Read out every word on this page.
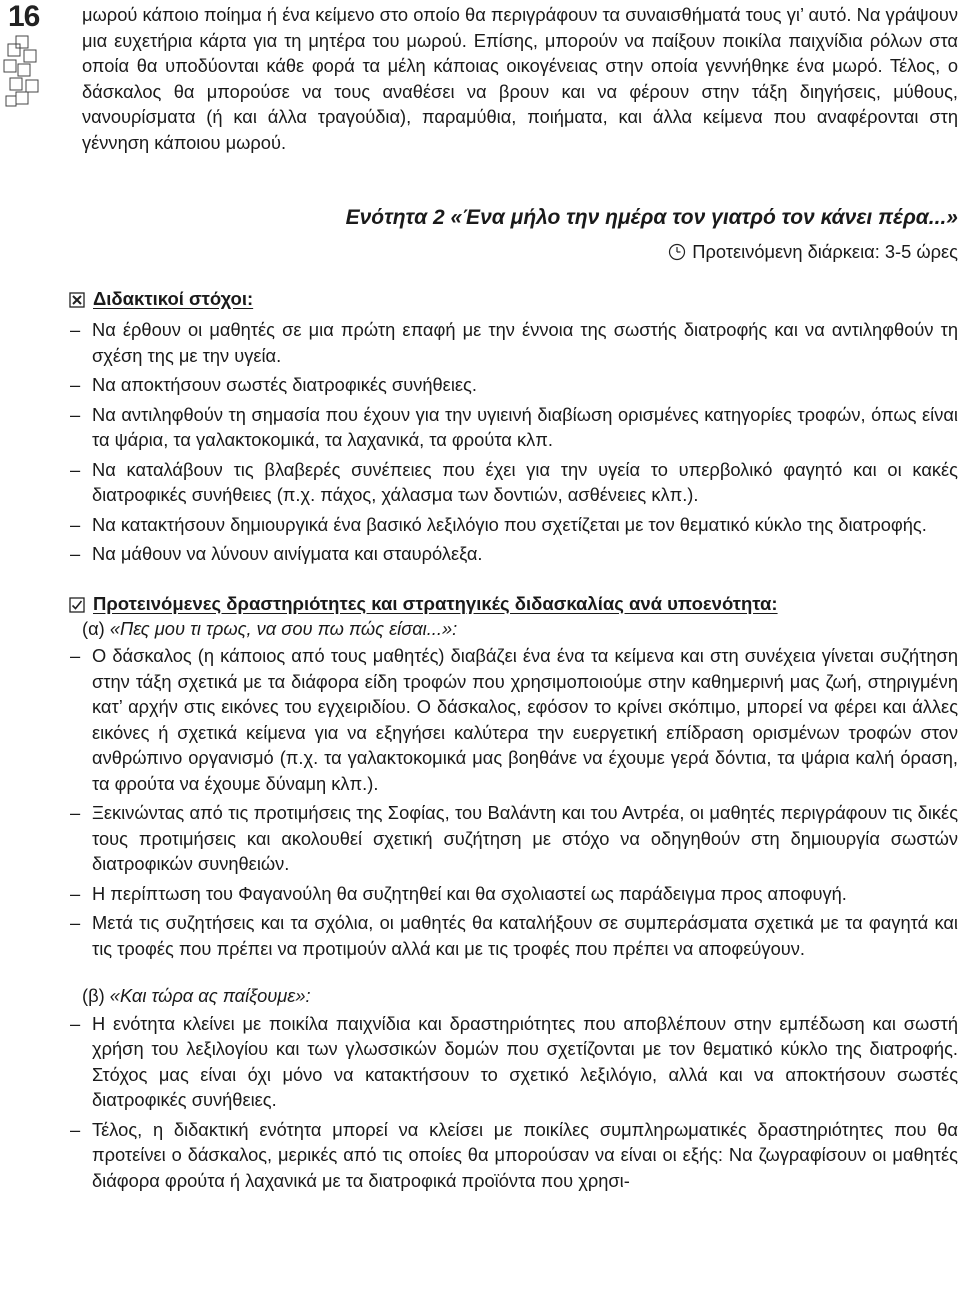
16 μωρού κάποιο ποίημα ή ένα κείμενο στο οποίο θα περιγράφουν τα συναισθήματά τους γι’ αυτό. Να γράψουν μια ευχετήρια κάρτα για τη μητέρα του μωρού. Επίσης, μπορούν να παίξουν ποικίλα παιχνίδια ρόλων στα οποία θα υποδύονται κάθε φορά τα μέλη κάποιας οικογένειας στην οποία γεννήθηκε ένα μωρό. Τέλος, ο δάσκαλος θα μπορούσε να τους αναθέσει να βρουν και να φέρουν στην τάξη διηγήσεις, μύθους, νανουρίσματα (ή και άλλα τραγούδια), παραμύθια, ποιήματα, και άλλα κείμενα που αναφέρονται στη γέννηση κάποιου μωρού.

Ενότητα 2 «Ένα μήλο την ημέρα τον γιατρό τον κάνει πέρα...»
Προτεινόμενη διάρκεια: 3-5 ώρες
Διδακτικοί στόχοι:
– Να έρθουν οι μαθητές σε μια πρώτη επαφή με την έννοια της σωστής διατροφής και να αντιληφθούν τη σχέση της με την υγεία.
– Να αποκτήσουν σωστές διατροφικές συνήθειες.
– Να αντιληφθούν τη σημασία που έχουν για την υγιεινή διαβίωση ορισμένες κατηγορίες τροφών, όπως είναι τα ψάρια, τα γαλακτοκομικά, τα λαχανικά, τα φρούτα κλπ.
– Να καταλάβουν τις βλαβερές συνέπειες που έχει για την υγεία το υπερβολικό φαγητό και οι κακές διατροφικές συνήθειες (π.χ. πάχος, χάλασμα των δοντιών, ασθένειες κλπ.).
– Να κατακτήσουν δημιουργικά ένα βασικό λεξιλόγιο που σχετίζεται με τον θεματικό κύκλο της διατροφής.
– Να μάθουν να λύνουν αινίγματα και σταυρόλεξα.
Προτεινόμενες δραστηριότητες και στρατηγικές διδασκαλίας ανά υποενότητα:
(α) «Πες μου τι τρως, να σου πω πώς είσαι...»:
– Ο δάσκαλος (η κάποιος από τους μαθητές) διαβάζει ένα ένα τα κείμενα και στη συνέχεια γίνεται συζήτηση στην τάξη σχετικά με τα διάφορα είδη τροφών που χρησιμοποιούμε στην καθημερινή μας ζωή, στηριγμένη κατ’ αρχήν στις εικόνες του εγχειριδίου. Ο δάσκαλος, εφόσον το κρίνει σκόπιμο, μπορεί να φέρει και άλλες εικόνες ή σχετικά κείμενα για να εξηγήσει καλύτερα την ευεργετική επίδραση ορισμένων τροφών στον ανθρώπινο οργανισμό (π.χ. τα γαλακτοκομικά μας βοηθάνε να έχουμε γερά δόντια, τα ψάρια καλή όραση, τα φρούτα να έχουμε δύναμη κλπ.).
– Ξεκινώντας από τις προτιμήσεις της Σοφίας, του Βαλάντη και του Αντρέα, οι μαθητές περιγράφουν τις δικές τους προτιμήσεις και ακολουθεί σχετική συζήτηση με στόχο να οδηγηθούν στη δημιουργία σωστών διατροφικών συνηθειών.
– Η περίπτωση του Φαγανούλη θα συζητηθεί και θα σχολιαστεί ως παράδειγμα προς αποφυγή.
– Μετά τις συζητήσεις και τα σχόλια, οι μαθητές θα καταλήξουν σε συμπεράσματα σχετικά με τα φαγητά και τις τροφές που πρέπει να προτιμούν αλλά και με τις τροφές που πρέπει να αποφεύγουν.
(β) «Και τώρα ας παίξουμε»:
– Η ενότητα κλείνει με ποικίλα παιχνίδια και δραστηριότητες που αποβλέπουν στην εμπέδωση και σωστή χρήση του λεξιλογίου και των γλωσσικών δομών που σχετίζονται με τον θεματικό κύκλο της διατροφής. Στόχος μας είναι όχι μόνο να κατακτήσουν το σχετικό λεξιλόγιο, αλλά και να αποκτήσουν σωστές διατροφικές συνήθειες.
– Τέλος, η διδακτική ενότητα μπορεί να κλείσει με ποικίλες συμπληρωματικές δραστηριότητες που θα προτείνει ο δάσκαλος, μερικές από τις οποίες θα μπορούσαν να είναι οι εξής: Να ζωγραφίσουν οι μαθητές διάφορα φρούτα ή λαχανικά με τα διατροφικά προϊόντα που χρησι-
